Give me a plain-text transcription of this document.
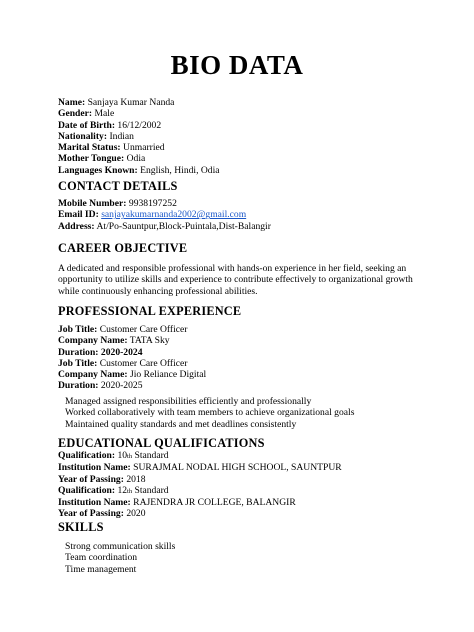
BIO DATA
Name: Sanjaya Kumar Nanda
Gender: Male
Date of Birth: 16/12/2002
Nationality: Indian
Marital Status: Unmarried
Mother Tongue: Odia
Languages Known: English, Hindi, Odia
CONTACT DETAILS
Mobile Number: 9938197252
Email ID: sanjayakumarnanda2002@gmail.com
Address: At/Po-Sauntpur,Block-Puintala,Dist-Balangir
CAREER OBJECTIVE
A dedicated and responsible professional with hands-on experience in her field, seeking an opportunity to utilize skills and experience to contribute effectively to organizational growth while continuously enhancing professional abilities.
PROFESSIONAL EXPERIENCE
Job Title: Customer Care Officer
Company Name: TATA Sky
Duration: 2020-2024
Job Title: Customer Care Officer
Company Name: Jio Reliance Digital
Duration: 2020-2025
Managed assigned responsibilities efficiently and professionally
Worked collaboratively with team members to achieve organizational goals
Maintained quality standards and met deadlines consistently
EDUCATIONAL QUALIFICATIONS
Qualification: 10th Standard
Institution Name: SURAJMAL NODAL HIGH SCHOOL, SAUNTPUR
Year of Passing: 2018
Qualification: 12th Standard
Institution Name: RAJENDRA JR COLLEGE, BALANGIR
Year of Passing: 2020
SKILLS
Strong communication skills
Team coordination
Time management
